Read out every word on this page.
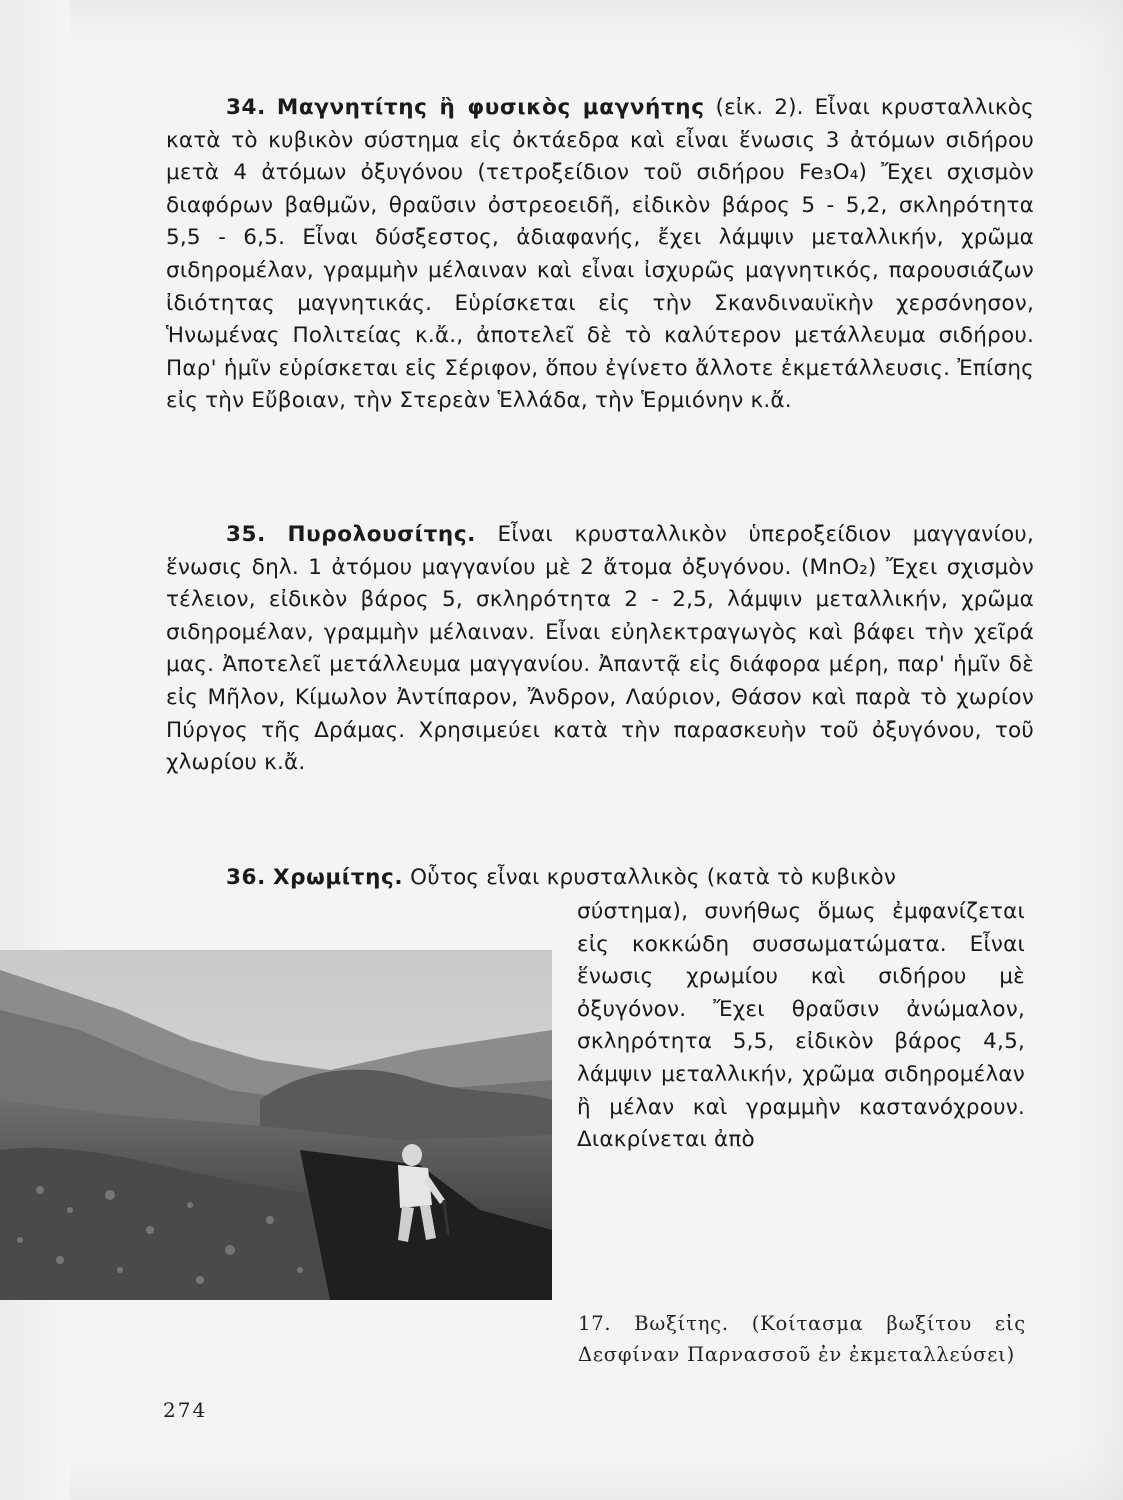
34. Μαγνητίτης ἢ φυσικὸς μαγνήτης (εἰκ. 2). Εἶναι κρυσταλλικὸς κατὰ τὸ κυβικὸν σύστημα εἰς ὀκτάεδρα καὶ εἶναι ἕνωσις 3 ἀτόμων σιδήρου μετὰ 4 ἀτόμων ὀξυγόνου (τετροξείδιον τοῦ σιδήρου Fe₃O₄) Ἔχει σχισμὸν διαφόρων βαθμῶν, θραῦσιν ὀστρεοειδῆ, εἰδικὸν βάρος 5 - 5,2, σκληρότητα 5,5 - 6,5. Εἶναι δύσξεστος, ἀδιαφανής, ἔχει λάμψιν μεταλλικήν, χρῶμα σιδηρομέλαν, γραμμὴν μέλαιναν καὶ εἶναι ἰσχυρῶς μαγνητικός, παρουσιάζων ἰδιότητας μαγνητικάς. Εὑρίσκεται εἰς τὴν Σκανδιναυϊκὴν χερσόνησον, Ἡνωμένας Πολιτείας κ.ἄ., ἀποτελεῖ δὲ τὸ καλύτερον μετάλλευμα σιδήρου. Παρ' ἡμῖν εὑρίσκεται εἰς Σέριφον, ὅπου ἐγίνετο ἄλλοτε ἐκμετάλλευσις. Ἐπίσης εἰς τὴν Εὔβοιαν, τὴν Στερεὰν Ἑλλάδα, τὴν Ἑρμιόνην κ.ἄ.

35. Πυρολουσίτης. Εἶναι κρυσταλλικὸν ὑπεροξείδιον μαγγανίου, ἕνωσις δηλ. 1 ἀτόμου μαγγανίου μὲ 2 ἄτομα ὀξυγόνου. (MnO₂) Ἔχει σχισμὸν τέλειον, εἰδικὸν βάρος 5, σκληρότητα 2 - 2,5, λάμψιν μεταλλικήν, χρῶμα σιδηρομέλαν, γραμμὴν μέλαιναν. Εἶναι εὐηλεκτραγωγὸς καὶ βάφει τὴν χεῖρά μας. Ἀποτελεῖ μετάλλευμα μαγγανίου. Ἀπαντᾷ εἰς διάφορα μέρη, παρ' ἡμῖν δὲ εἰς Μῆλον, Κίμωλον Ἀντίπαρον, Ἄνδρον, Λαύριον, Θάσον καὶ παρὰ τὸ χωρίον Πύργος τῆς Δράμας. Χρησιμεύει κατὰ τὴν παρασκευὴν τοῦ ὀξυγόνου, τοῦ χλωρίου κ.ἄ.

36. Χρωμίτης. Οὗτος εἶναι κρυσταλλικὸς (κατὰ τὸ κυβικὸν

σύστημα), συνήθως ὅμως ἐμφανίζεται εἰς κοκκώδη συσσωματώματα. Εἶναι ἕνωσις χρωμίου καὶ σιδήρου μὲ ὀξυγόνον. Ἔχει θραῦσιν ἀνώμαλον, σκληρότητα 5,5, εἰδικὸν βάρος 4,5, λάμψιν μεταλλικήν, χρῶμα σιδηρομέλαν ἢ μέλαν καὶ γραμμὴν καστανόχρουν. Διακρίνεται ἀπὸ

17. Βωξίτης. (Κοίτασμα βωξίτου εἰς Δεσφίναν Παρνασσοῦ ἐν ἐκμεταλλεύσει)

274
